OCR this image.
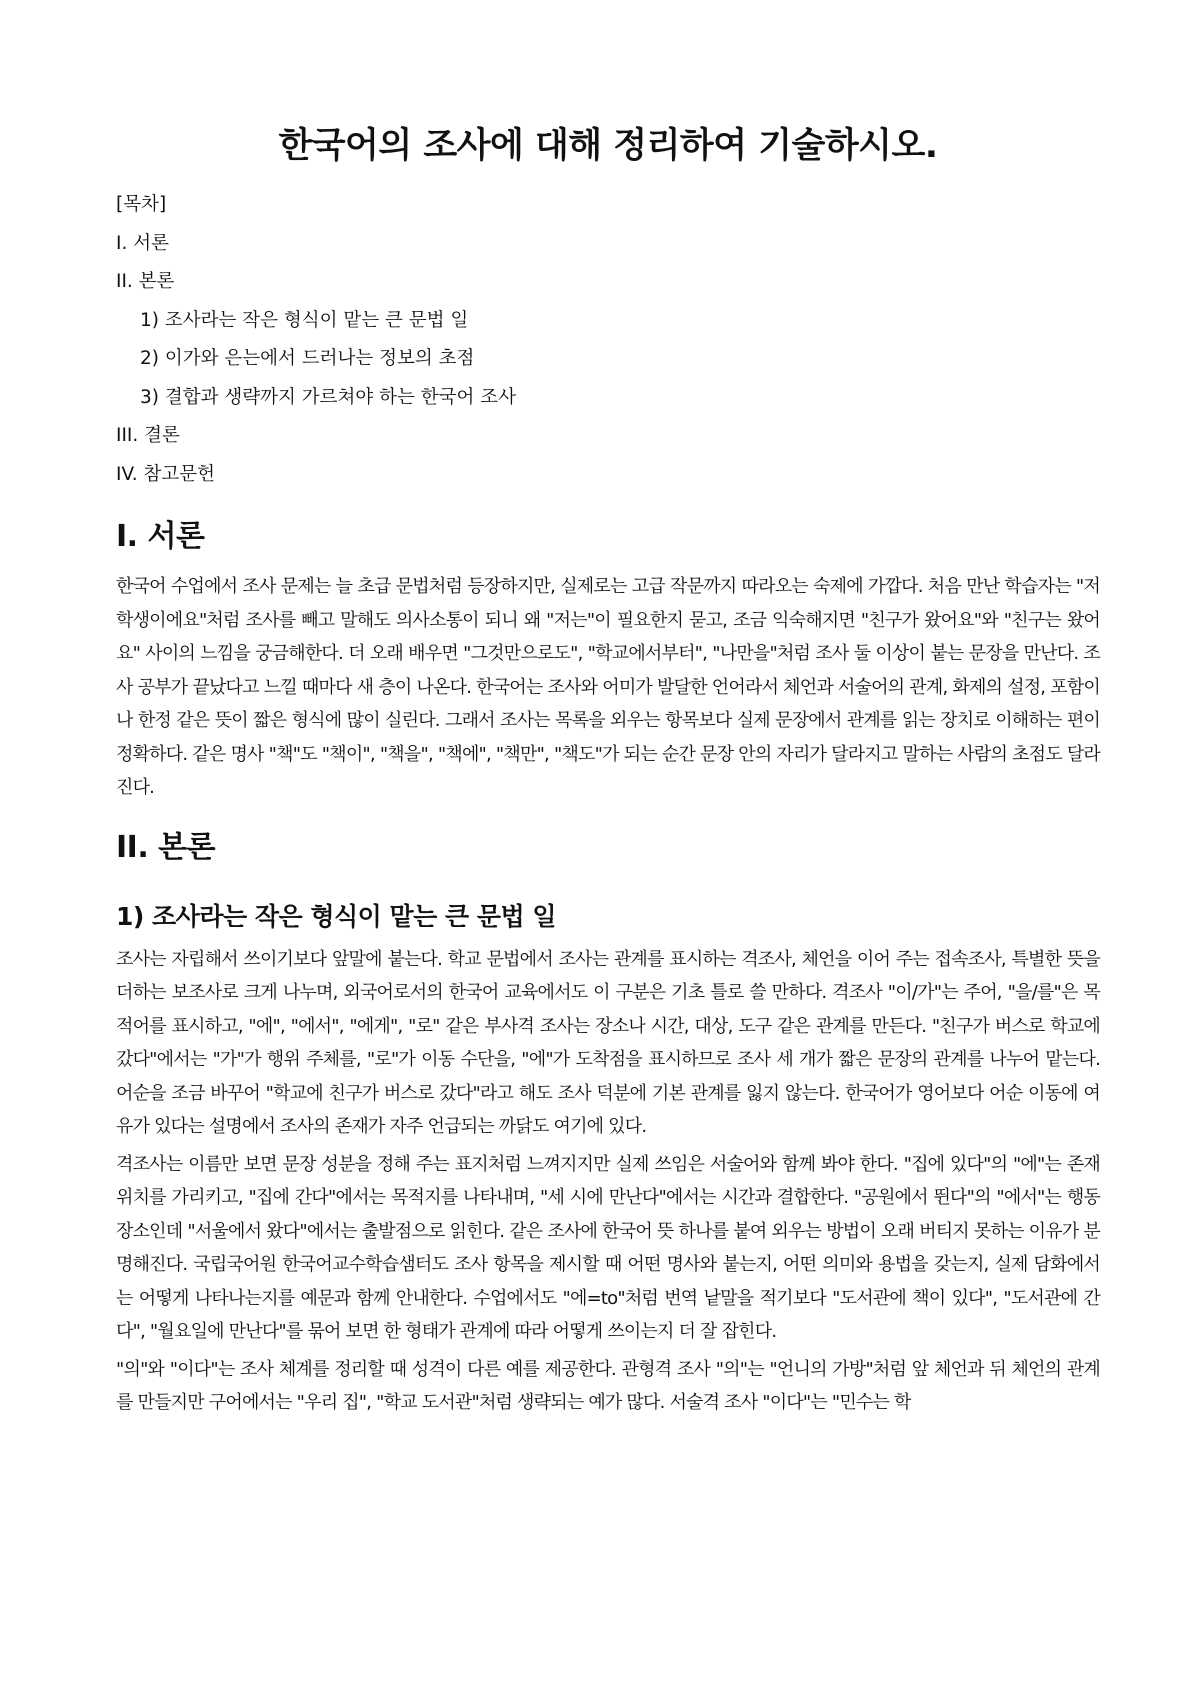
한국어의 조사에 대해 정리하여 기술하시오.
[목차]
I. 서론
II. 본론
1) 조사라는 작은 형식이 맡는 큰 문법 일
2) 이가와 은는에서 드러나는 정보의 초점
3) 결합과 생략까지 가르쳐야 하는 한국어 조사
III. 결론
IV. 참고문헌
I. 서론

한국어 수업에서 조사 문제는 늘 초급 문법처럼 등장하지만, 실제로는 고급 작문까지 따라오는 숙제에 가깝다. 처음 만난 학습자는 "저 학생이에요"처럼 조사를 빼고 말해도 의사소통이 되니 왜 "저는"이 필요한지 묻고, 조금 익숙해지면 "친구가 왔어요"와 "친구는 왔어요" 사이의 느낌을 궁금해한다. 더 오래 배우면 "그것만으로도", "학교에서부터", "나만을"처럼 조사 둘 이상이 붙는 문장을 만난다. 조사 공부가 끝났다고 느낄 때마다 새 층이 나온다. 한국어는 조사와 어미가 발달한 언어라서 체언과 서술어의 관계, 화제의 설정, 포함이나 한정 같은 뜻이 짧은 형식에 많이 실린다. 그래서 조사는 목록을 외우는 항목보다 실제 문장에서 관계를 읽는 장치로 이해하는 편이 정확하다. 같은 명사 "책"도 "책이", "책을", "책에", "책만", "책도"가 되는 순간 문장 안의 자리가 달라지고 말하는 사람의 초점도 달라진다.

II. 본론
1) 조사라는 작은 형식이 맡는 큰 문법 일

조사는 자립해서 쓰이기보다 앞말에 붙는다. 학교 문법에서 조사는 관계를 표시하는 격조사, 체언을 이어 주는 접속조사, 특별한 뜻을 더하는 보조사로 크게 나누며, 외국어로서의 한국어 교육에서도 이 구분은 기초 틀로 쓸 만하다. 격조사 "이/가"는 주어, "을/를"은 목적어를 표시하고, "에", "에서", "에게", "로" 같은 부사격 조사는 장소나 시간, 대상, 도구 같은 관계를 만든다. "친구가 버스로 학교에 갔다"에서는 "가"가 행위 주체를, "로"가 이동 수단을, "에"가 도착점을 표시하므로 조사 세 개가 짧은 문장의 관계를 나누어 맡는다. 어순을 조금 바꾸어 "학교에 친구가 버스로 갔다"라고 해도 조사 덕분에 기본 관계를 잃지 않는다. 한국어가 영어보다 어순 이동에 여유가 있다는 설명에서 조사의 존재가 자주 언급되는 까닭도 여기에 있다.

격조사는 이름만 보면 문장 성분을 정해 주는 표지처럼 느껴지지만 실제 쓰임은 서술어와 함께 봐야 한다. "집에 있다"의 "에"는 존재 위치를 가리키고, "집에 간다"에서는 목적지를 나타내며, "세 시에 만난다"에서는 시간과 결합한다. "공원에서 뛴다"의 "에서"는 행동 장소인데 "서울에서 왔다"에서는 출발점으로 읽힌다. 같은 조사에 한국어 뜻 하나를 붙여 외우는 방법이 오래 버티지 못하는 이유가 분명해진다. 국립국어원 한국어교수학습샘터도 조사 항목을 제시할 때 어떤 명사와 붙는지, 어떤 의미와 용법을 갖는지, 실제 담화에서는 어떻게 나타나는지를 예문과 함께 안내한다. 수업에서도 "에=to"처럼 번역 낱말을 적기보다 "도서관에 책이 있다", "도서관에 간다", "월요일에 만난다"를 묶어 보면 한 형태가 관계에 따라 어떻게 쓰이는지 더 잘 잡힌다.

"의"와 "이다"는 조사 체계를 정리할 때 성격이 다른 예를 제공한다. 관형격 조사 "의"는 "언니의 가방"처럼 앞 체언과 뒤 체언의 관계를 만들지만 구어에서는 "우리 집", "학교 도서관"처럼 생략되는 예가 많다. 서술격 조사 "이다"는 "민수는 학
